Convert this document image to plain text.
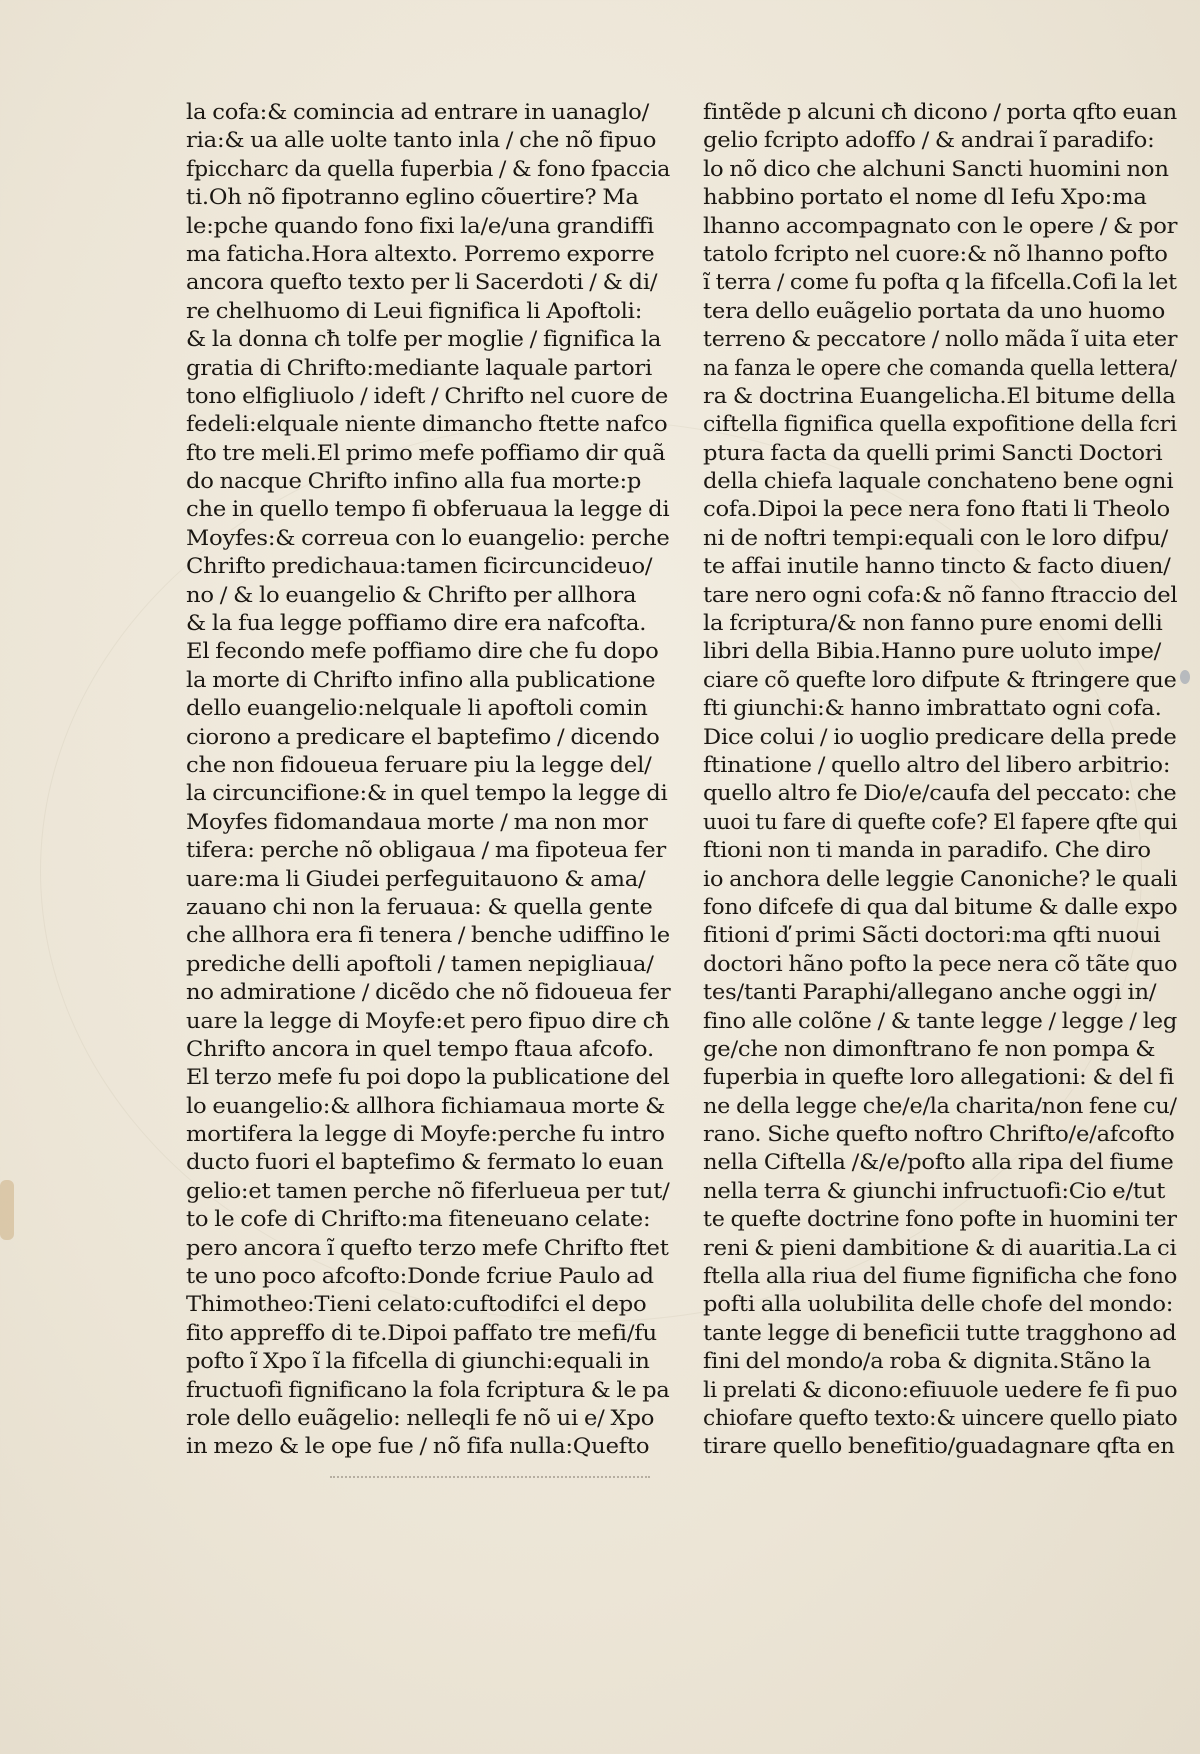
la cofa:& comincia ad entrare in uanaglo/
ria:& ua alle uolte tanto inla / che nõ fipuo
fpiccharc da quella fuperbia / & fono fpaccia
ti.Oh nõ fipotranno eglino cõuertire? Ma
le:pche quando fono fixi la/e/una grandiffi
ma faticha.Hora altexto. Porremo exporre
ancora quefto texto per li Sacerdoti / & di/
re chelhuomo di Leui fignifica li Apoftoli:
& la donna cħ tolfe per moglie / fignifica la
gratia di Chrifto:mediante laquale partori
tono elfigliuolo / ideft / Chrifto nel cuore de
fedeli:elquale niente dimancho ftette nafco
fto tre meli.El primo mefe poffiamo dir quã
do nacque Chrifto infino alla fua morte:p
che in quello tempo fi obferuaua la legge di
Moyfes:& correua con lo euangelio: perche
Chrifto predichaua:tamen ficircuncideuo/
no / & lo euangelio & Chrifto per allhora
& la fua legge poffiamo dire era nafcofta.
El fecondo mefe poffiamo dire che fu dopo
la morte di Chrifto infino alla publicatione
dello euangelio:nelquale li apoftoli comin
ciorono a predicare el baptefimo / dicendo
che non fidoueua feruare piu la legge del/
la circuncifione:& in quel tempo la legge di
Moyfes fidomandaua morte / ma non mor
tifera: perche nõ obligaua / ma fipoteua fer
uare:ma li Giudei perfeguitauono & ama/
zauano chi non la feruaua: & quella gente
che allhora era fi tenera / benche udiffino le
prediche delli apoftoli / tamen nepigliaua/
no admiratione / dicẽdo che nõ fidoueua fer
uare la legge di Moyfe:et pero fipuo dire cħ
Chrifto ancora in quel tempo ftaua afcofo.
El terzo mefe fu poi dopo la publicatione del
lo euangelio:& allhora fichiamaua morte &
mortifera la legge di Moyfe:perche fu intro
ducto fuori el baptefimo & fermato lo euan
gelio:et tamen perche nõ fiferlueua per tut/
to le cofe di Chrifto:ma fiteneuano celate:
pero ancora ĩ quefto terzo mefe Chrifto ftet
te uno poco afcofto:Donde fcriue Paulo ad
Thimotheo:Tieni celato:cuftodifci el depo
fito appreffo di te.Dipoi paffato tre mefi/fu
pofto ĩ Xpo ĩ la fifcella di giunchi:equali in
fructuofi fignificano la fola fcriptura & le pa
role dello euãgelio: nelleqli fe nõ ui e/ Xpo
in mezo & le ope fue / nõ fifa nulla:Quefto
fintẽde p alcuni cħ dicono / porta qfto euan
gelio fcripto adoffo / & andrai ĩ paradifo:
lo nõ dico che alchuni Sancti huomini non
habbino portato el nome dl Iefu Xpo:ma
lhanno accompagnato con le opere / & por
tatolo fcripto nel cuore:& nõ lhanno pofto
ĩ terra / come fu pofta q la fifcella.Cofi la let
tera dello euãgelio portata da uno huomo
terreno & peccatore / nollo mãda ĩ uita eter
na fanza le opere che comanda quella lettera/
ra & doctrina Euangelicha.El bitume della
ciftella fignifica quella expofitione della fcri
ptura facta da quelli primi Sancti Doctori
della chiefa laquale conchateno bene ogni
cofa.Dipoi la pece nera fono ftati li Theolo
ni de noftri tempi:equali con le loro difpu/
te affai inutile hanno tincto & facto diuen/
tare nero ogni cofa:& nõ fanno ftraccio del
la fcriptura/& non fanno pure enomi delli
libri della Bibia.Hanno pure uoluto impe/
ciare cõ quefte loro difpute & ftringere que
fti giunchi:& hanno imbrattato ogni cofa.
Dice colui / io uoglio predicare della prede
ftinatione / quello altro del libero arbitrio:
quello altro fe Dio/e/caufa del peccato: che
uuoi tu fare di quefte cofe? El fapere qfte qui
ftioni non ti manda in paradifo. Che diro
io anchora delle leggie Canoniche? le quali
fono difcefe di qua dal bitume & dalle expo
fitioni ď primi Sãcti doctori:ma qfti nuoui
doctori hãno pofto la pece nera cõ tãte quo
tes/tanti Paraphi/allegano anche oggi in/
fino alle colõne / & tante legge / legge / leg
ge/che non dimonftrano fe non pompa &
fuperbia in quefte loro allegationi: & del fi
ne della legge che/e/la charita/non fene cu/
rano. Siche quefto noftro Chrifto/e/afcofto
nella Ciftella /&/e/pofto alla ripa del fiume
nella terra & giunchi infructuofi:Cio e/tut
te quefte doctrine fono pofte in huomini ter
reni & pieni dambitione & di auaritia.La ci
ftella alla riua del fiume fignificha che fono
pofti alla uolubilita delle chofe del mondo:
tante legge di beneficii tutte tragghono ad
fini del mondo/a roba & dignita.Stãno la
li prelati & dicono:efiuuole uedere fe fi puo
chiofare quefto texto:& uincere quello piato
tirare quello benefitio/guadagnare qfta en
